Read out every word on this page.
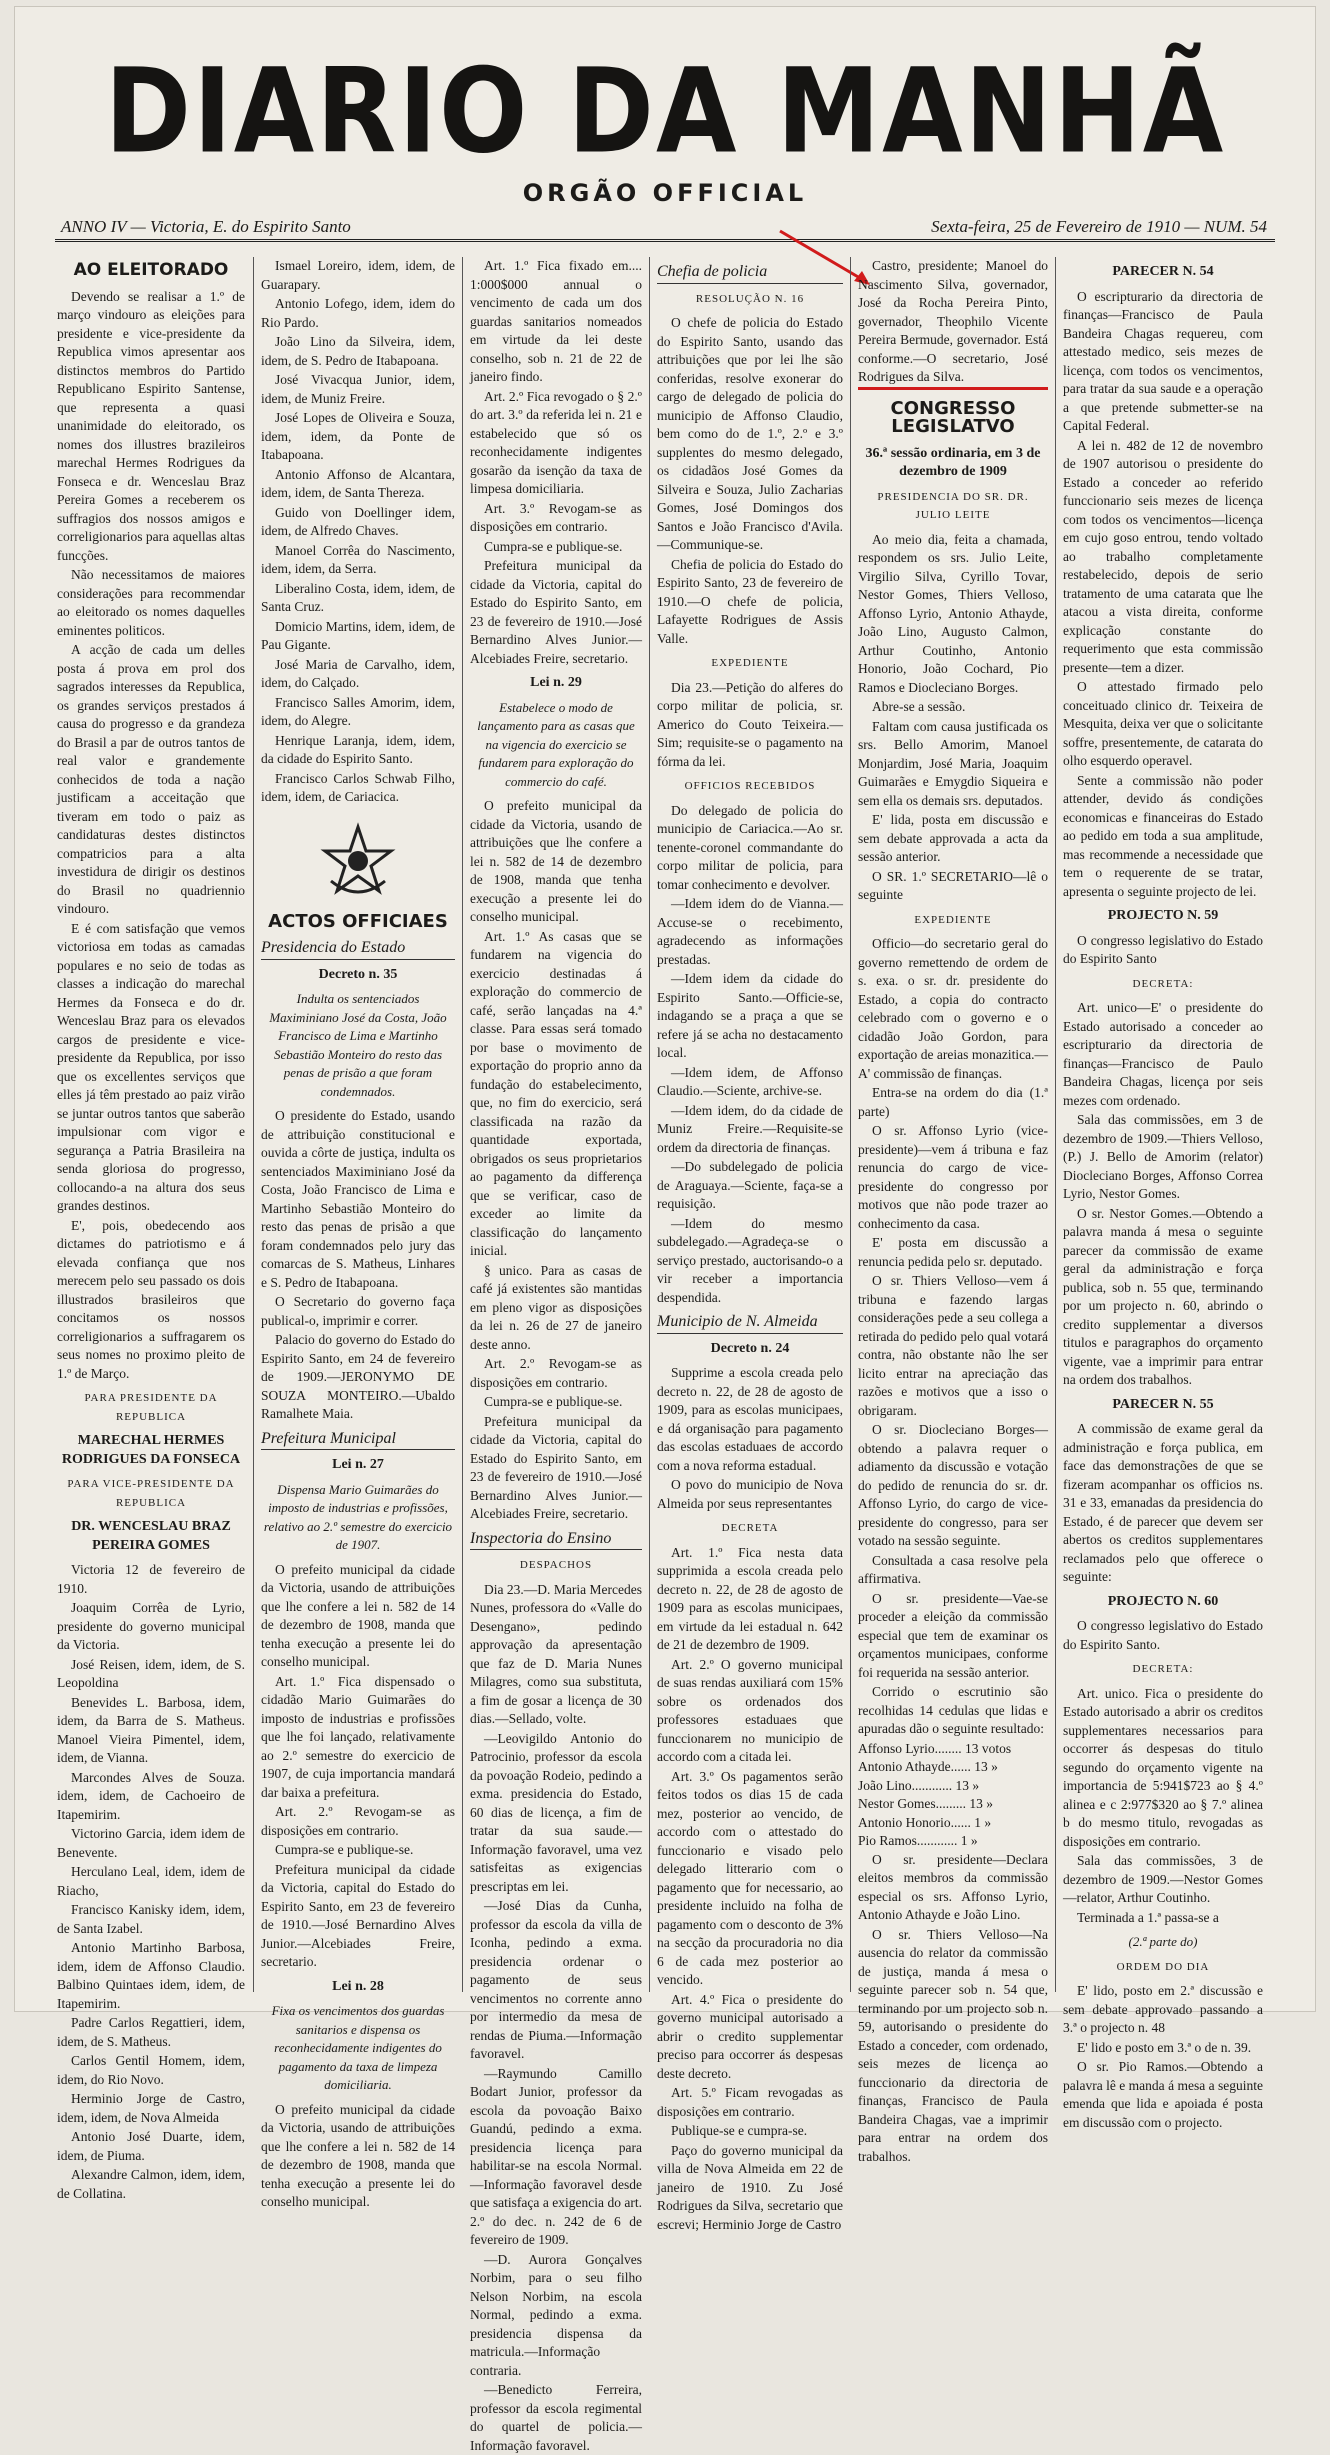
DIARIO DA MANHÃ
ORGÃO OFFICIAL
ANNO IV — Victoria, E. do Espirito Santo	Sexta-feira, 25 de Fevereiro de 1910 — NUM. 54
AO ELEITORADO

Devendo se realisar a 1.º de março vindouro as eleições para presidente e vice-presidente da Republica vimos apresentar aos distinctos membros do Partido Republicano Espirito Santense, que representa a quasi unanimidade do eleitorado, os nomes dos illustres brazileiros marechal Hermes Rodrigues da Fonseca e dr. Wenceslau Braz Pereira Gomes a receberem os suffragios dos nossos amigos e correligionarios para aquellas altas funcções.

Não necessitamos de maiores considerações para recommendar ao eleitorado os nomes daquelles eminentes politicos.

A acção de cada um delles posta á prova em prol dos sagrados interesses da Republica, os grandes serviços prestados á causa do progresso e da grandeza do Brasil a par de outros tantos de real valor e grandemente conhecidos de toda a nação justificam a acceitação que tiveram em todo o paiz as candidaturas destes distinctos compatricios para a alta investidura de dirigir os destinos do Brasil no quadriennio vindouro.

E é com satisfação que vemos victoriosa em todas as camadas populares e no seio de todas as classes a indicação do marechal Hermes da Fonseca e do dr. Wenceslau Braz para os elevados cargos de presidente e vice-presidente da Republica, por isso que os excellentes serviços que elles já têm prestado ao paiz virão se juntar outros tantos que saberão impulsionar com vigor e segurança a Patria Brasileira na senda gloriosa do progresso, collocando-a na altura dos seus grandes destinos.

E', pois, obedecendo aos dictames do patriotismo e á elevada confiança que nos merecem pelo seu passado os dois illustrados brasileiros que concitamos os nossos correligionarios a suffragarem os seus nomes no proximo pleito de 1.º de Março.

PARA PRESIDENTE DA REPUBLICA
MARECHAL HERMES RODRIGUES DA FONSECA
PARA VICE-PRESIDENTE DA REPUBLICA
DR. WENCESLAU BRAZ PEREIRA GOMES

Victoria 12 de fevereiro de 1910.

Joaquim Corrêa de Lyrio, presidente do governo municipal da Victoria.

José Reisen, idem, idem, de S. Leopoldina

Benevides L. Barbosa, idem, idem, da Barra de S. Matheus. Manoel Vieira Pimentel, idem, idem, de Vianna.

Marcondes Alves de Souza. idem, idem, de Cachoeiro de Itapemirim.

Victorino Garcia, idem idem de Benevente.

Herculano Leal, idem, idem de Riacho,

Francisco Kanisky idem, idem, de Santa Izabel.

Antonio Martinho Barbosa, idem, idem de Affonso Claudio. Balbino Quintaes idem, idem, de Itapemirim.

Padre Carlos Regattieri, idem, idem, de S. Matheus.

Carlos Gentil Homem, idem, idem, do Rio Novo.

Herminio Jorge de Castro, idem, idem, de Nova Almeida

Antonio José Duarte, idem, idem, de Piuma.

Alexandre Calmon, idem, idem, de Collatina.

Ismael Loreiro, idem, idem, de Guarapary.

Antonio Lofego, idem, idem do Rio Pardo.

João Lino da Silveira, idem, idem, de S. Pedro de Itabapoana.

José Vivacqua Junior, idem, idem, de Muniz Freire.

José Lopes de Oliveira e Souza, idem, idem, da Ponte de Itabapoana.

Antonio Affonso de Alcantara, idem, idem, de Santa Thereza.

Guido von Doellinger idem, idem, de Alfredo Chaves.

Manoel Corrêa do Nascimento, idem, idem, da Serra.

Liberalino Costa, idem, idem, de Santa Cruz.

Domicio Martins, idem, idem, de Pau Gigante.

José Maria de Carvalho, idem, idem, do Calçado.

Francisco Salles Amorim, idem, idem, do Alegre.

Henrique Laranja, idem, idem, da cidade do Espirito Santo.

Francisco Carlos Schwab Filho, idem, idem, de Cariacica.

ACTOS OFFICIAES
Presidencia do Estado
Decreto n. 35
Indulta os sentenciados Maximiniano José da Costa, João Francisco de Lima e Martinho Sebastião Monteiro do resto das penas de prisão a que foram condemnados.

O presidente do Estado, usando de attribuição constitucional e ouvida a côrte de justiça, indulta os sentenciados Maximiniano José da Costa, João Francisco de Lima e Martinho Sebastião Monteiro do resto das penas de prisão a que foram condemnados pelo jury das comarcas de S. Matheus, Linhares e S. Pedro de Itabapoana.

O Secretario do governo faça publical-o, imprimir e correr.

Palacio do governo do Estado do Espirito Santo, em 24 de fevereiro de 1909.—JERONYMO DE SOUZA MONTEIRO.—Ubaldo Ramalhete Maia.

Prefeitura Municipal
Lei n. 27
Dispensa Mario Guimarães do imposto de industrias e profissões, relativo ao 2.º semestre do exercicio de 1907.

O prefeito municipal da cidade da Victoria, usando de attribuições que lhe confere a lei n. 582 de 14 de dezembro de 1908, manda que tenha execução a presente lei do conselho municipal.

Art. 1.º Fica dispensado o cidadão Mario Guimarães do imposto de industrias e profissões que lhe foi lançado, relativamente ao 2.º semestre do exercicio de 1907, de cuja importancia mandará dar baixa a prefeitura.

Art. 2.º Revogam-se as disposições em contrario.

Cumpra-se e publique-se.

Prefeitura municipal da cidade da Victoria, capital do Estado do Espirito Santo, em 23 de fevereiro de 1910.—José Bernardino Alves Junior.—Alcebiades Freire, secretario.

Lei n. 28
Fixa os vencimentos dos guardas sanitarios e dispensa os reconhecidamente indigentes do pagamento da taxa de limpeza domiciliaria.

O prefeito municipal da cidade da Victoria, usando de attribuições que lhe confere a lei n. 582 de 14 de dezembro de 1908, manda que tenha execução a presente lei do conselho municipal.

Art. 1.º Fica fixado em.... 1:000$000 annual o vencimento de cada um dos guardas sanitarios nomeados em virtude da lei deste conselho, sob n. 21 de 22 de janeiro findo.

Art. 2.º Fica revogado o § 2.º do art. 3.º da referida lei n. 21 e estabelecido que só os reconhecidamente indigentes gosarão da isenção da taxa de limpesa domiciliaria.

Art. 3.º Revogam-se as disposições em contrario.

Cumpra-se e publique-se.

Prefeitura municipal da cidade da Victoria, capital do Estado do Espirito Santo, em 23 de fevereiro de 1910.—José Bernardino Alves Junior.—Alcebiades Freire, secretario.

Lei n. 29
Estabelece o modo de lançamento para as casas que na vigencia do exercicio se fundarem para exploração do commercio do café.

O prefeito municipal da cidade da Victoria, usando de attribuições que lhe confere a lei n. 582 de 14 de dezembro de 1908, manda que tenha execução a presente lei do conselho municipal.

Art. 1.º As casas que se fundarem na vigencia do exercicio destinadas á exploração do commercio de café, serão lançadas na 4.ª classe. Para essas será tomado por base o movimento de exportação do proprio anno da fundação do estabelecimento, que, no fim do exercicio, será classificada na razão da quantidade exportada, obrigados os seus proprietarios ao pagamento da differença que se verificar, caso de exceder ao limite da classificação do lançamento inicial.

§ unico. Para as casas de café já existentes são mantidas em pleno vigor as disposições da lei n. 26 de 27 de janeiro deste anno.

Art. 2.º Revogam-se as disposições em contrario.

Cumpra-se e publique-se.

Prefeitura municipal da cidade da Victoria, capital do Estado do Espirito Santo, em 23 de fevereiro de 1910.—José Bernardino Alves Junior.—Alcebiades Freire, secretario.

Inspectoria do Ensino
DESPACHOS

Dia 23.—D. Maria Mercedes Nunes, professora do «Valle do Desengano», pedindo approvação da apresentação que faz de D. Maria Nunes Milagres, como sua substituta, a fim de gosar a licença de 30 dias.—Sellado, volte.

—Leovigildo Antonio do Patrocinio, professor da escola da povoação Rodeio, pedindo a exma. presidencia do Estado, 60 dias de licença, a fim de tratar da sua saude.—Informação favoravel, uma vez satisfeitas as exigencias prescriptas em lei.

—José Dias da Cunha, professor da escola da villa de Iconha, pedindo a exma. presidencia ordenar o pagamento de seus vencimentos no corrente anno por intermedio da mesa de rendas de Piuma.—Informação favoravel.

—Raymundo Camillo Bodart Junior, professor da escola da povoação Baixo Guandú, pedindo a exma. presidencia licença para habilitar-se na escola Normal.—Informação favoravel desde que satisfaça a exigencia do art. 2.º do dec. n. 242 de 6 de fevereiro de 1909.

—D. Aurora Gonçalves Norbim, para o seu filho Nelson Norbim, na escola Normal, pedindo a exma. presidencia dispensa da matricula.—Informação contraria.

—Benedicto Ferreira, professor da escola regimental do quartel de policia.—Informação favoravel.

Chefia de policia
RESOLUÇÃO N. 16

O chefe de policia do Estado do Espirito Santo, usando das attribuições que por lei lhe são conferidas, resolve exonerar do cargo de delegado de policia do municipio de Affonso Claudio, bem como do de 1.º, 2.º e 3.º supplentes do mesmo delegado, os cidadãos José Gomes da Silveira e Souza, Julio Zacharias Gomes, José Domingos dos Santos e João Francisco d'Avila.—Communique-se.

Chefia de policia do Estado do Espirito Santo, 23 de fevereiro de 1910.—O chefe de policia, Lafayette Rodrigues de Assis Valle.

EXPEDIENTE

Dia 23.—Petição do alferes do corpo militar de policia, sr. Americo do Couto Teixeira.—Sim; requisite-se o pagamento na fórma da lei.

OFFICIOS RECEBIDOS

Do delegado de policia do municipio de Cariacica.—Ao sr. tenente-coronel commandante do corpo militar de policia, para tomar conhecimento e devolver.

—Idem idem do de Vianna.—Accuse-se o recebimento, agradecendo as informações prestadas.

—Idem idem da cidade do Espirito Santo.—Officie-se, indagando se a praça a que se refere já se acha no destacamento local.

—Idem idem, de Affonso Claudio.—Sciente, archive-se.

—Idem idem, do da cidade de Muniz Freire.—Requisite-se ordem da directoria de finanças.

—Do subdelegado de policia de Araguaya.—Sciente, faça-se a requisição.

—Idem do mesmo subdelegado.—Agradeça-se o serviço prestado, auctorisando-o a vir receber a importancia despendida.

Municipio de N. Almeida
Decreto n. 24

Supprime a escola creada pelo decreto n. 22, de 28 de agosto de 1909, para as escolas municipaes, e dá organisação para pagamento das escolas estaduaes de accordo com a nova reforma estadual.

O povo do municipio de Nova Almeida por seus representantes

DECRETA

Art. 1.º Fica nesta data supprimida a escola creada pelo decreto n. 22, de 28 de agosto de 1909 para as escolas municipaes, em virtude da lei estadual n. 642 de 21 de dezembro de 1909.

Art. 2.º O governo municipal de suas rendas auxiliará com 15% sobre os ordenados dos professores estaduaes que funccionarem no municipio de accordo com a citada lei.

Art. 3.º Os pagamentos serão feitos todos os dias 15 de cada mez, posterior ao vencido, de accordo com o attestado do funccionario e visado pelo delegado litterario com o pagamento que for necessario, ao presidente incluido na folha de pagamento com o desconto de 3% na secção da procuradoria no dia 6 de cada mez posterior ao vencido.

Art. 4.º Fica o presidente do governo municipal autorisado a abrir o credito supplementar preciso para occorrer ás despesas deste decreto.

Art. 5.º Ficam revogadas as disposições em contrario.

Publique-se e cumpra-se.

Paço do governo municipal da villa de Nova Almeida em 22 de janeiro de 1910. Zu José Rodrigues da Silva, secretario que escrevi; Herminio Jorge de Castro

Castro, presidente; Manoel do Nascimento Silva, governador, José da Rocha Pereira Pinto, governador, Theophilo Vicente Pereira Bermude, governador. Está conforme.—O secretario, José Rodrigues da Silva.

CONGRESSO LEGISLATVO
36.ª sessão ordinaria, em 3 de dezembro de 1909
PRESIDENCIA DO SR. DR. JULIO LEITE

Ao meio dia, feita a chamada, respondem os srs. Julio Leite, Virgilio Silva, Cyrillo Tovar, Nestor Gomes, Thiers Velloso, Affonso Lyrio, Antonio Athayde, João Lino, Augusto Calmon, Arthur Coutinho, Antonio Honorio, João Cochard, Pio Ramos e Diocleciano Borges.

Abre-se a sessão.

Faltam com causa justificada os srs. Bello Amorim, Manoel Monjardim, José Maria, Joaquim Guimarães e Emygdio Siqueira e sem ella os demais srs. deputados.

E' lida, posta em discussão e sem debate approvada a acta da sessão anterior.

O SR. 1.º SECRETARIO—lê o seguinte

EXPEDIENTE

Officio—do secretario geral do governo remettendo de ordem de s. exa. o sr. dr. presidente do Estado, a copia do contracto celebrado com o governo e o cidadão João Gordon, para exportação de areias monazitica.—A' commissão de finanças.

Entra-se na ordem do dia (1.ª parte)

O sr. Affonso Lyrio (vice-presidente)—vem á tribuna e faz renuncia do cargo de vice-presidente do congresso por motivos que não pode trazer ao conhecimento da casa.

E' posta em discussão a renuncia pedida pelo sr. deputado.

O sr. Thiers Velloso—vem á tribuna e fazendo largas considerações pede a seu collega a retirada do pedido pelo qual votará contra, não obstante não lhe ser licito entrar na apreciação das razões e motivos que a isso o obrigaram.

O sr. Diocleciano Borges—obtendo a palavra requer o adiamento da discussão e votação do pedido de renuncia do sr. dr. Affonso Lyrio, do cargo de vice-presidente do congresso, para ser votado na sessão seguinte.

Consultada a casa resolve pela affirmativa.

O sr. presidente—Vae-se proceder a eleição da commissão especial que tem de examinar os orçamentos municipaes, conforme foi requerida na sessão anterior.

Corrido o escrutinio são recolhidas 14 cedulas que lidas e apuradas dão o seguinte resultado:

Affonso Lyrio........ 13 votos
Antonio Athayde...... 13 »
João Lino............ 13 »
Nestor Gomes......... 13 »
Antonio Honorio...... 1 »
Pio Ramos............ 1 »

O sr. presidente—Declara eleitos membros da commissão especial os srs. Affonso Lyrio, Antonio Athayde e João Lino.

O sr. Thiers Velloso—Na ausencia do relator da commissão de justiça, manda á mesa o seguinte parecer sob n. 54 que, terminando por um projecto sob n. 59, autorisando o presidente do Estado a conceder, com ordenado, seis mezes de licença ao funccionario da directoria de finanças, Francisco de Paula Bandeira Chagas, vae a imprimir para entrar na ordem dos trabalhos.

PARECER N. 54

O escripturario da directoria de finanças—Francisco de Paula Bandeira Chagas requereu, com attestado medico, seis mezes de licença, com todos os vencimentos, para tratar da sua saude e a operação a que pretende submetter-se na Capital Federal.

A lei n. 482 de 12 de novembro de 1907 autorisou o presidente do Estado a conceder ao referido funccionario seis mezes de licença com todos os vencimentos—licença em cujo goso entrou, tendo voltado ao trabalho completamente restabelecido, depois de serio tratamento de uma catarata que lhe atacou a vista direita, conforme explicação constante do requerimento que esta commissão presente—tem a dizer.

O attestado firmado pelo conceituado clinico dr. Teixeira de Mesquita, deixa ver que o solicitante soffre, presentemente, de catarata do olho esquerdo operavel.

Sente a commissão não poder attender, devido ás condições economicas e financeiras do Estado ao pedido em toda a sua amplitude, mas recommende a necessidade que tem o requerente de se tratar, apresenta o seguinte projecto de lei.

PROJECTO N. 59

O congresso legislativo do Estado do Espirito Santo

DECRETA:

Art. unico—E' o presidente do Estado autorisado a conceder ao escripturario da directoria de finanças—Francisco de Paulo Bandeira Chagas, licença por seis mezes com ordenado.

Sala das commissões, em 3 de dezembro de 1909.—Thiers Velloso, (P.) J. Bello de Amorim (relator) Diocleciano Borges, Affonso Correa Lyrio, Nestor Gomes.

O sr. Nestor Gomes.—Obtendo a palavra manda á mesa o seguinte parecer da commissão de exame geral da administração e força publica, sob n. 55 que, terminando por um projecto n. 60, abrindo o credito supplementar a diversos titulos e paragraphos do orçamento vigente, vae a imprimir para entrar na ordem dos trabalhos.

PARECER N. 55

A commissão de exame geral da administração e força publica, em face das demonstrações de que se fizeram acompanhar os officios ns. 31 e 33, emanadas da presidencia do Estado, é de parecer que devem ser abertos os creditos supplementares reclamados pelo que offerece o seguinte:

PROJECTO N. 60

O congresso legislativo do Estado do Espirito Santo.

DECRETA:

Art. unico. Fica o presidente do Estado autorisado a abrir os creditos supplementares necessarios para occorrer ás despesas do titulo segundo do orçamento vigente na importancia de 5:941$723 ao § 4.º alinea e c 2:977$320 ao § 7.º alinea b do mesmo titulo, revogadas as disposições em contrario.

Sala das commissões, 3 de dezembro de 1909.—Nestor Gomes—relator, Arthur Coutinho.

Terminada a 1.ª passa-se a

(2.ª parte do)
ORDEM DO DIA

E' lido, posto em 2.ª discussão e sem debate approvado passando a 3.ª o projecto n. 48

E' lido e posto em 3.ª o de n. 39.

O sr. Pio Ramos.—Obtendo a palavra lê e manda á mesa a seguinte emenda que lida e apoiada é posta em discussão com o projecto.
